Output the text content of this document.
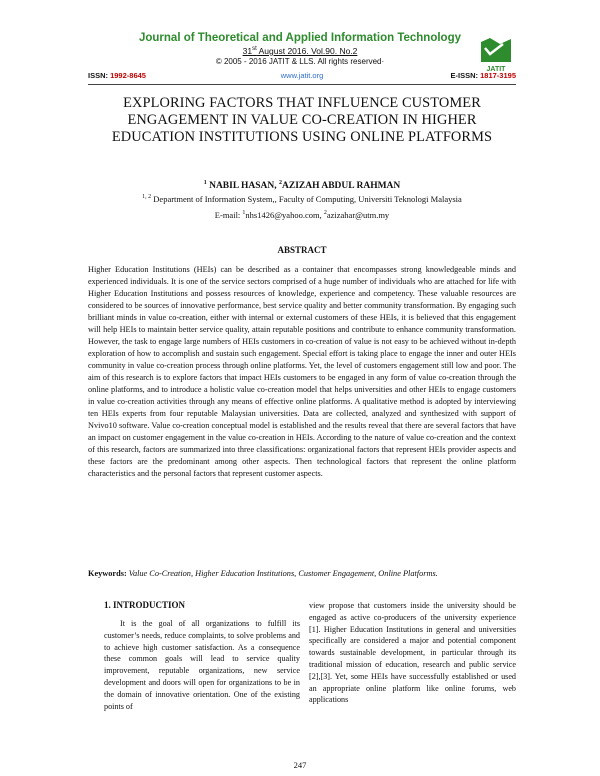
Journal of Theoretical and Applied Information Technology
31st August 2016. Vol.90. No.2
© 2005 - 2016 JATIT & LLS. All rights reserved·
JATIT
ISSN: 1992-8645	www.jatit.org	E-ISSN: 1817-3195
EXPLORING FACTORS THAT INFLUENCE CUSTOMER ENGAGEMENT IN VALUE CO-CREATION IN HIGHER EDUCATION INSTITUTIONS USING ONLINE PLATFORMS
$^1$ NABIL HASAN, $^2$AZIZAH ABDUL RAHMAN
$^{1, 2}$ Department of Information System,, Faculty of Computing, Universiti Teknologi Malaysia
E-mail: $^1$nhs1426@yahoo.com, $^2$azizahar@utm.my
ABSTRACT

Higher Education Institutions (HEIs) can be described as a container that encompasses strong knowledgeable minds and experienced individuals. It is one of the service sectors comprised of a huge number of individuals who are attached for life with Higher Education Institutions and possess resources of knowledge, experience and competency. These valuable resources are considered to be sources of innovative performance, best service quality and better community transformation. By engaging such brilliant minds in value co-creation, either with internal or external customers of these HEIs, it is believed that this engagement will help HEIs to maintain better service quality, attain reputable positions and contribute to enhance community transformation. However, the task to engage large numbers of HEIs customers in co-creation of value is not easy to be achieved without in-depth exploration of how to accomplish and sustain such engagement. Special effort is taking place to engage the inner and outer HEIs community in value co-creation process through online platforms. Yet, the level of customers engagement still low and poor. The aim of this research is to explore factors that impact HEIs customers to be engaged in any form of value co-creation through the online platforms, and to introduce a holistic value co-creation model that helps universities and other HEIs to engage customers in value co-creation activities through any means of effective online platforms. A qualitative method is adopted by interviewing ten HEIs experts from four reputable Malaysian universities. Data are collected, analyzed and synthesized with support of Nvivo10 software. Value co-creation conceptual model is established and the results reveal that there are several factors that have an impact on customer engagement in the value co-creation in HEIs. According to the nature of value co-creation and the context of this research, factors are summarized into three classifications: organizational factors that represent HEIs provider aspects and these factors are the predominant among other aspects. Then technological factors that represent the online platform characteristics and the personal factors that represent customer aspects.

Keywords: Value Co-Creation, Higher Education Institutions, Customer Engagement, Online Platforms.
1. INTRODUCTION

It is the goal of all organizations to fulfill its customer’s needs, reduce complaints, to solve problems and to achieve high customer satisfaction. As a consequence these common goals will lead to service quality improvement, reputable organizations, new service development and doors will open for organizations to be in the domain of innovative orientation. One of the existing points of

view propose that customers inside the university should be engaged as active co-producers of the university experience [1]. Higher Education Institutions in general and universities specifically are considered a major and potential component towards sustainable development, in particular through its traditional mission of education, research and public service [2],[3]. Yet, some HEIs have successfully established or used an appropriate online platform like online forums, web applications

247
